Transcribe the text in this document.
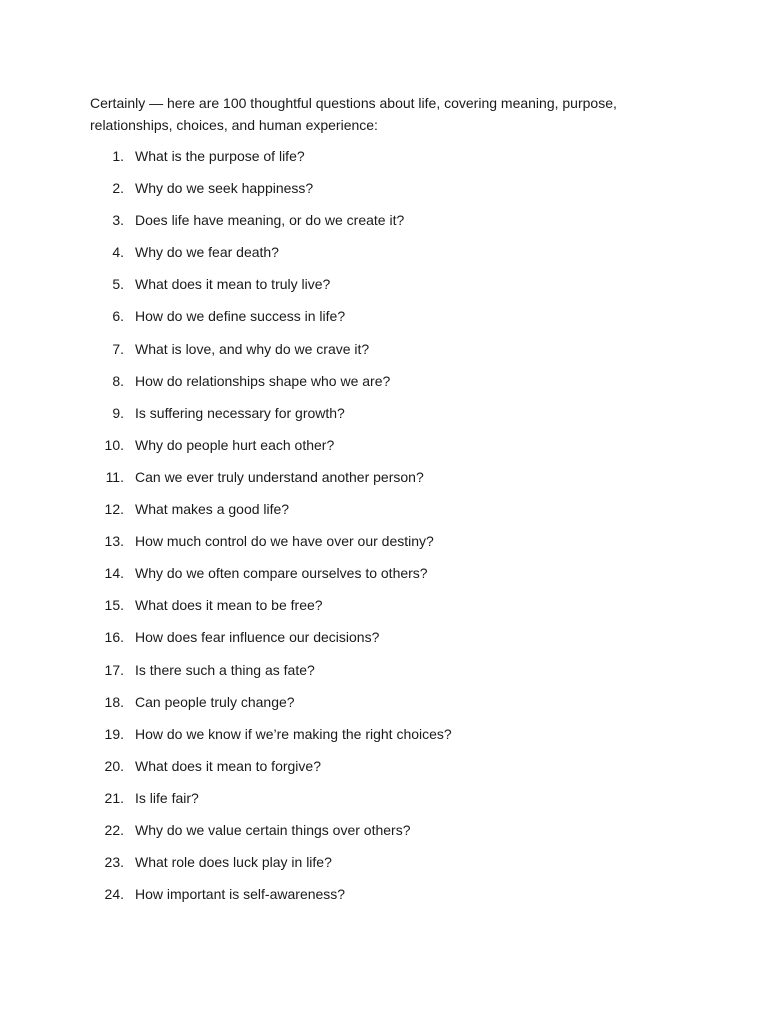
Certainly — here are 100 thoughtful questions about life, covering meaning, purpose, relationships, choices, and human experience:

1. What is the purpose of life?
2. Why do we seek happiness?
3. Does life have meaning, or do we create it?
4. Why do we fear death?
5. What does it mean to truly live?
6. How do we define success in life?
7. What is love, and why do we crave it?
8. How do relationships shape who we are?
9. Is suffering necessary for growth?
10. Why do people hurt each other?
11. Can we ever truly understand another person?
12. What makes a good life?
13. How much control do we have over our destiny?
14. Why do we often compare ourselves to others?
15. What does it mean to be free?
16. How does fear influence our decisions?
17. Is there such a thing as fate?
18. Can people truly change?
19. How do we know if we’re making the right choices?
20. What does it mean to forgive?
21. Is life fair?
22. Why do we value certain things over others?
23. What role does luck play in life?
24. How important is self-awareness?
